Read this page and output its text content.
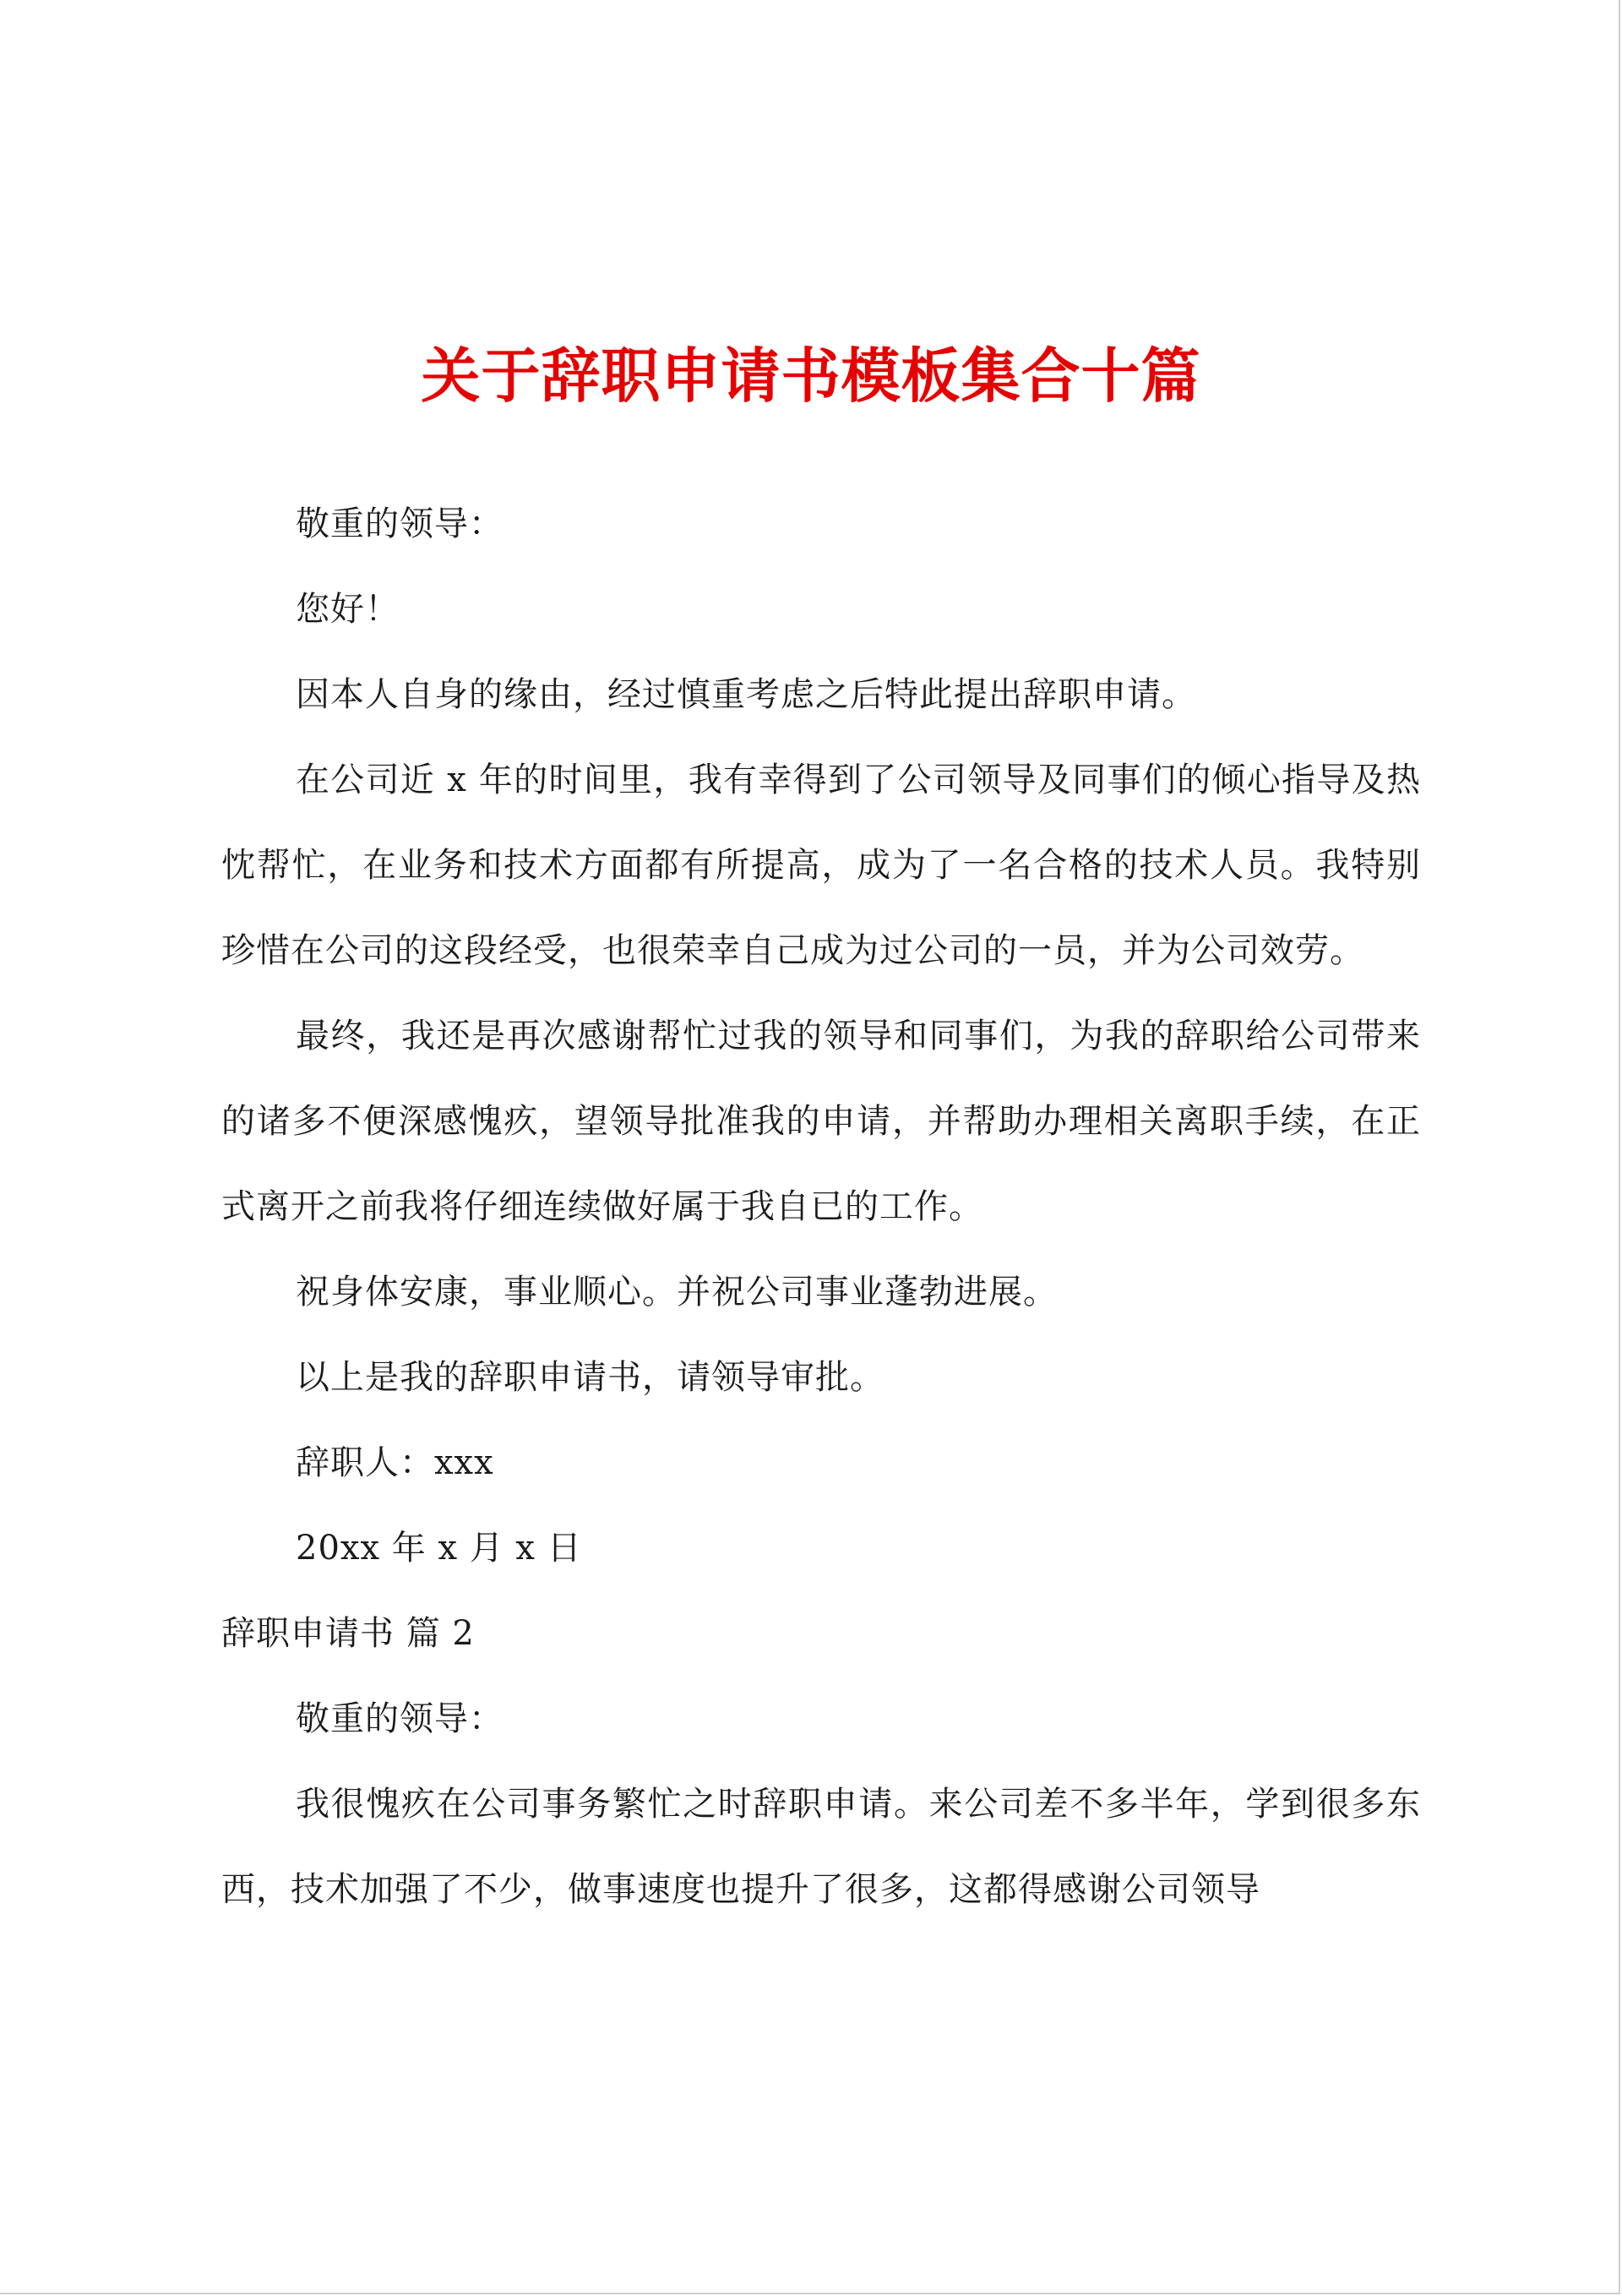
关于辞职申请书模板集合十篇

敬重的领导：

您好！

因本人自身的缘由，经过慎重考虑之后特此提出辞职申请。

在公司近 x 年的时间里，我有幸得到了公司领导及同事们的倾心指导及热忱帮忙，在业务和技术方面都有所提高，成为了一名合格的技术人员。我特别珍惜在公司的这段经受，也很荣幸自己成为过公司的一员，并为公司效劳。

最终，我还是再次感谢帮忙过我的领导和同事们，为我的辞职给公司带来的诸多不便深感愧疚，望领导批准我的申请，并帮助办理相关离职手续，在正式离开之前我将仔细连续做好属于我自已的工作。

祝身体安康，事业顺心。并祝公司事业蓬勃进展。

以上是我的辞职申请书，请领导审批。

辞职人：xxx

20xx 年 x 月 x 日

辞职申请书 篇 2

敬重的领导：

我很愧疚在公司事务繁忙之时辞职申请。来公司差不多半年，学到很多东西，技术加强了不少，做事速度也提升了很多，这都得感谢公司领导
